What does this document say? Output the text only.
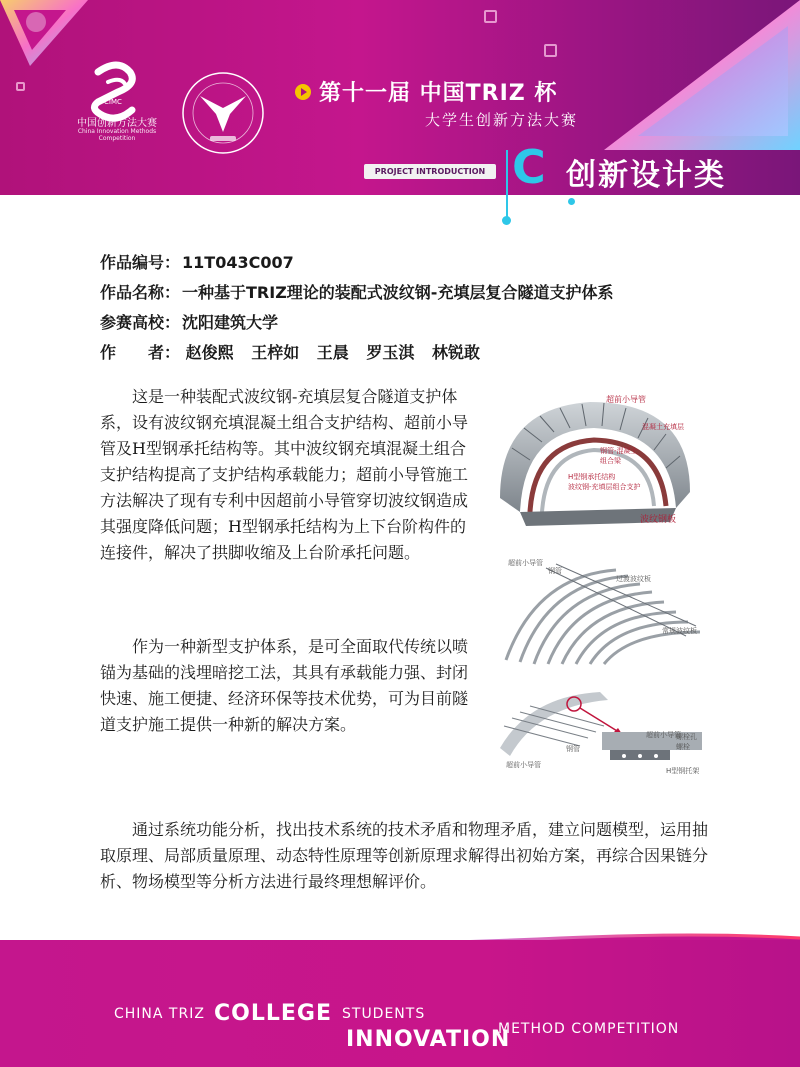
CIMC
中国创新方法大赛
China Innovation Methods Competition
第十一届 中国TRIZ 杯
大学生创新方法大赛
PROJECT INTRODUCTION C 创新设计类
作品编号： 11T043C007
作品名称： 一种基于TRIZ理论的装配式波纹钢-充填层复合隧道支护体系
参赛高校： 沈阳建筑大学
作　　者： 赵俊熙 王梓如 王晨 罗玉淇 林锐敢

这是一种装配式波纹钢-充填层复合隧道支护体系，设有波纹钢充填混凝土组合支护结构、超前小导管及H型钢承托结构等。其中波纹钢充填混凝土组合支护结构提高了支护结构承载能力；超前小导管施工方法解决了现有专利中因超前小导管穿切波纹钢造成其强度降低问题；H型钢承托结构为上下台阶构件的连接件，解决了拱脚收缩及上台阶承托问题。

作为一种新型支护体系，是可全面取代传统以喷锚为基础的浅埋暗挖工法，其具有承载能力强、封闭快速、施工便捷、经济环保等技术优势，可为目前隧道支护施工提供一种新的解决方案。

通过系统功能分析，找出技术系统的技术矛盾和物理矛盾，建立问题模型，运用抽取原理、局部质量原理、动态特性原理等创新原理求解得出初始方案，再综合因果链分析、物场模型等分析方法进行最终理想解评价。

超前小导管
混凝土充填层
钢管-混凝土组合梁
H型钢承托结构
波纹钢-充填层组合支护
波纹钢板
超前小导管
钢管
过渡波纹板
常规波纹板
超前小导管
钢管
螺栓孔
螺栓
H型钢托架
超前小导管
CHINA TRIZ COLLEGE STUDENTS
INNOVATION
METHOD COMPETITION
